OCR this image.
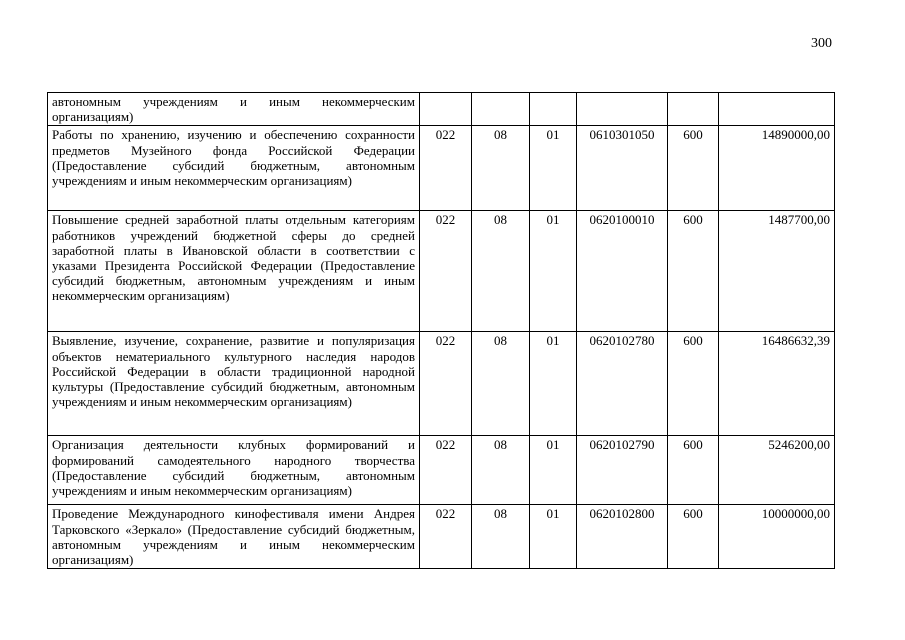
300
автономным учреждениям и иным некоммерческим организациям)						
Работы по хранению, изучению и обеспечению сохранности предметов Музейного фонда Российской Федерации (Предоставление субсидий бюджетным, автономным учреждениям и иным некоммерческим организациям)	022	08	01	0610301050	600	14890000,00
Повышение средней заработной платы отдельным категориям работников учреждений бюджетной сферы до средней заработной платы в Ивановской области в соответствии с указами Президента Российской Федерации (Предоставление субсидий бюджетным, автономным учреждениям и иным некоммерческим организациям)	022	08	01	0620100010	600	1487700,00
Выявление, изучение, сохранение, развитие и популяризация объектов нематериального культурного наследия народов Российской Федерации в области традиционной народной культуры (Предоставление субсидий бюджетным, автономным учреждениям и иным некоммерческим организациям)	022	08	01	0620102780	600	16486632,39
Организация деятельности клубных формирований и формирований самодеятельного народного творчества (Предоставление субсидий бюджетным, автономным учреждениям и иным некоммерческим организациям)	022	08	01	0620102790	600	5246200,00
Проведение Международного кинофестиваля имени Андрея Тарковского «Зеркало» (Предоставление субсидий бюджетным, автономным учреждениям и иным некоммерческим организациям)	022	08	01	0620102800	600	10000000,00
